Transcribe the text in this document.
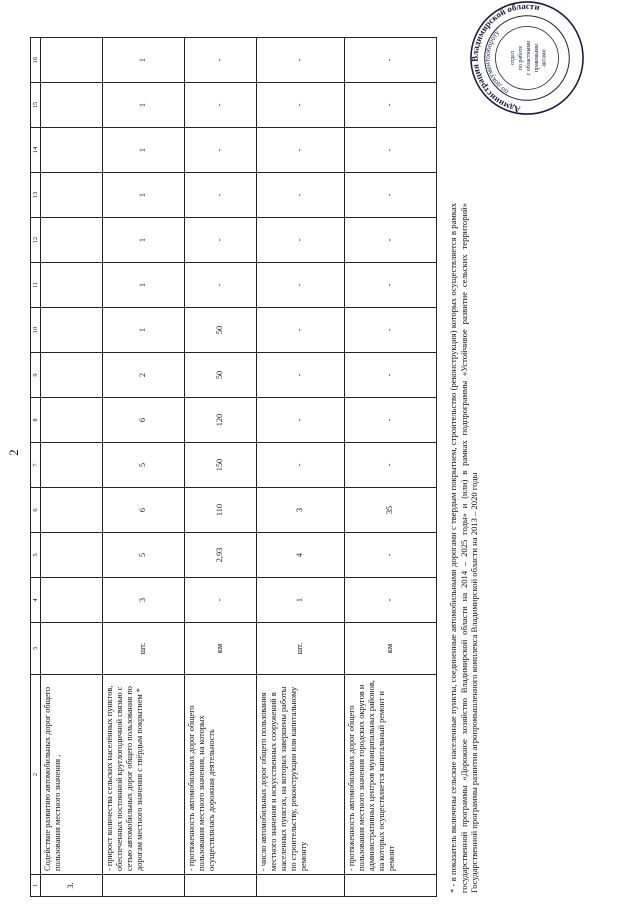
2
1	2	3	4	5	6	7	8	9	10	11	12	13	14	15	16
3.	Содействие развитию автомобильных дорог общего пользования местного значения ,														
	- прирост количества сельских населённых пунктов, обеспеченных постоянной круглогодичной связью с сетью автомобильных дорог общего пользования по дорогам местного значения с твёрдым покрытием *	шт.	3	5	6	5	6	2	1	1	1	1	1	1	1
	- протяженность автомобильных дорог общего пользования местного значения, на которых осуществлялась дорожная деятельность	км	-	2,93	110	150	120	50	50	-	-	-	-	-	-
	- число автомобильных дорог общего пользования местного значения и искусственных сооружений в населенных пунктах, на которых завершены работы по строительству, реконструкции или капитальному ремонту	шт.	1	4	3	-	-	-	-	-	-	-	-	-	-
	- протяженность автомобильных дорог общего пользования местного значения городских округов и административных центров муниципальных районов, на которых осуществляется капитальный ремонт и ремонт	км	-	-	35	-	-	-	-	-	-	-	-	-	-
* - в показатель включены сельские населенные пункты, соединенные автомобильными дорогами с твердым покрытием, строительство (реконструкция) которых осуществляется в рамках государственной программы «Дорожное хозяйство Владимирской области на 2014 – 2025 годы» и (или) в рамках подпрограммы «Устойчивое развитие сельских территорий» Государственной программы развития агропромышленного комплекса Владимирской области на 2013 – 2020 годы
Администрация Владимирской области
по документообороту
отдел по работе с областными правовыми актами
